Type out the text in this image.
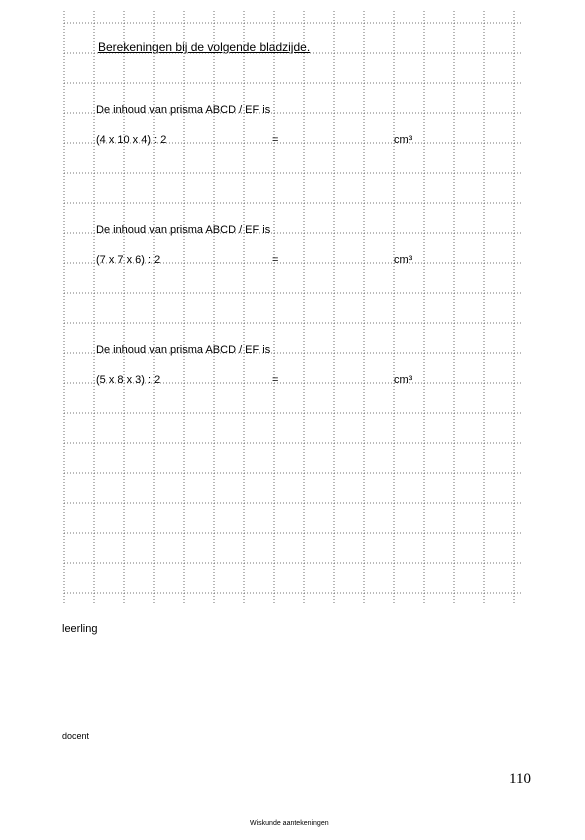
Berekeningen bij de volgende bladzijde.
De inhoud van prisma ABCD / EF is
(4 x 10 x 4) : 2	=	cm³
De inhoud van prisma ABCD / EF is
(7 x 7 x 6) : 2	=	cm³
De inhoud van prisma ABCD / EF is
(5 x 8 x 3) : 2	=	cm³
leerling
docent
110
Wiskunde aantekeningen
